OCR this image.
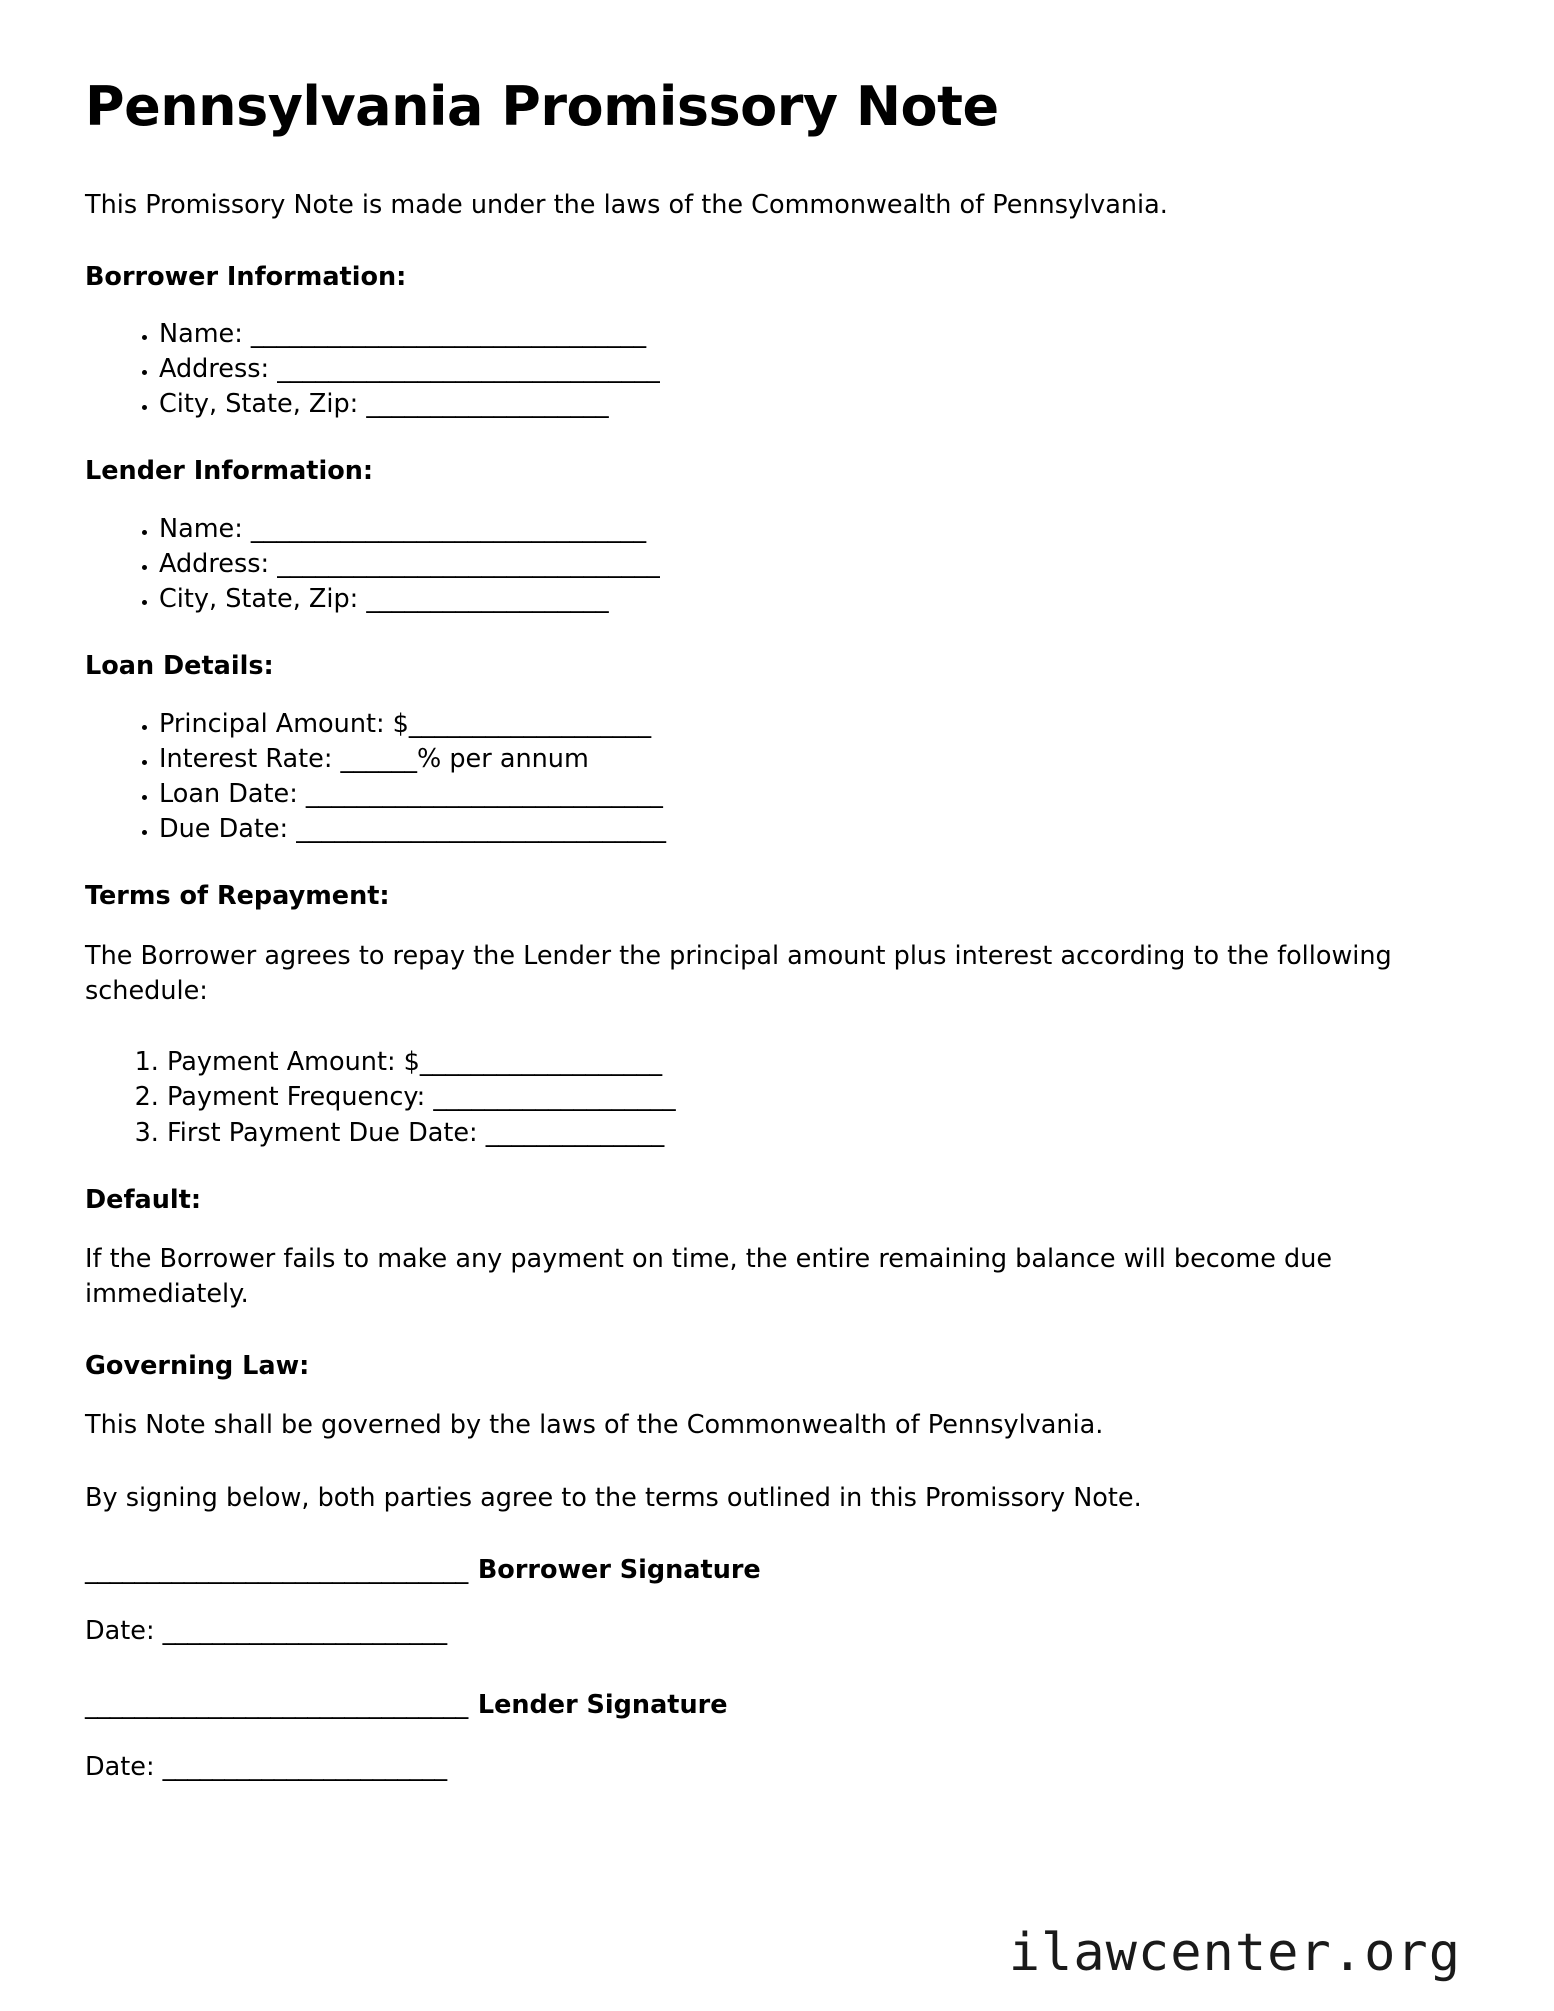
Pennsylvania Promissory Note

This Promissory Note is made under the laws of the Commonwealth of Pennsylvania.

Borrower Information:
• Name: _______________________________
• Address: ______________________________
• City, State, Zip: ___________________
Lender Information:
• Name: _______________________________
• Address: ______________________________
• City, State, Zip: ___________________
Loan Details:
• Principal Amount: $___________________
• Interest Rate: ______% per annum
• Loan Date: ____________________________
• Due Date: _____________________________
Terms of Repayment:

The Borrower agrees to repay the Lender the principal amount plus interest according to the following schedule:

1. Payment Amount: $___________________
2. Payment Frequency: ___________________
3. First Payment Due Date: ______________
Default:

If the Borrower fails to make any payment on time, the entire remaining balance will become due immediately.

Governing Law:

This Note shall be governed by the laws of the Commonwealth of Pennsylvania.

By signing below, both parties agree to the terms outlined in this Promissory Note.

_______________________________ Borrower Signature
Date: _______________________
_______________________________ Lender Signature
Date: _______________________
ilawcenter.org
